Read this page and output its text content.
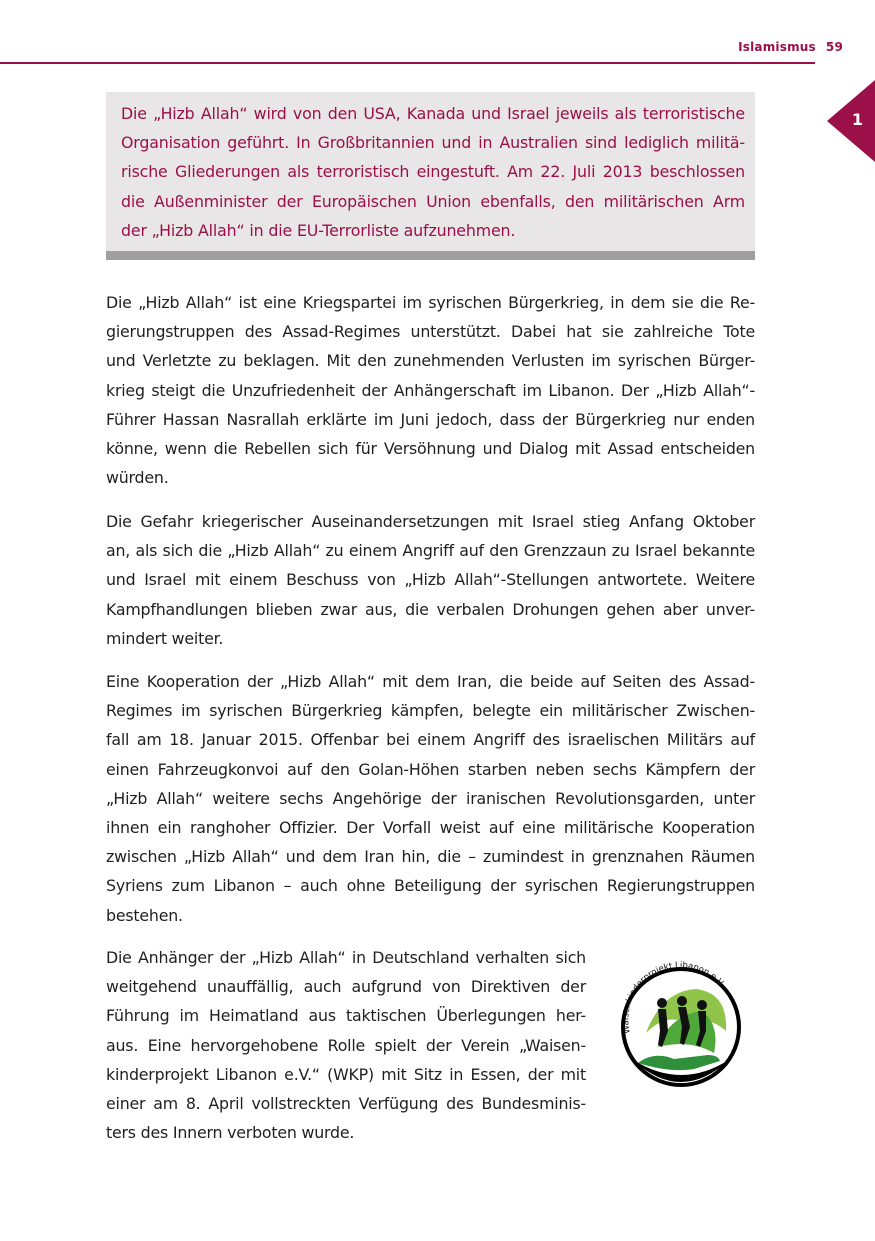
Islamismus 59
1
Die „Hizb Allah“ wird von den USA, Kanada und Israel jeweils als terroristische
Organisation geführt. In Großbritannien und in Australien sind lediglich militä-
rische Gliederungen als terroristisch eingestuft. Am 22. Juli 2013 beschlossen
die Außenminister der Europäischen Union ebenfalls, den militärischen Arm
der „Hizb Allah“ in die EU-Terrorliste aufzunehmen.
Die „Hizb Allah“ ist eine Kriegspartei im syrischen Bürgerkrieg, in dem sie die Re-
gierungstruppen des Assad-Regimes unterstützt. Dabei hat sie zahlreiche Tote
und Verletzte zu beklagen. Mit den zunehmenden Verlusten im syrischen Bürger-
krieg steigt die Unzufriedenheit der Anhängerschaft im Libanon. Der „Hizb Allah“-
Führer Hassan Nasrallah erklärte im Juni jedoch, dass der Bürgerkrieg nur enden
könne, wenn die Rebellen sich für Versöhnung und Dialog mit Assad entscheiden
würden.
Die Gefahr kriegerischer Auseinandersetzungen mit Israel stieg Anfang Oktober
an, als sich die „Hizb Allah“ zu einem Angriff auf den Grenzzaun zu Israel bekannte
und Israel mit einem Beschuss von „Hizb Allah“-Stellungen antwortete. Weitere
Kampfhandlungen blieben zwar aus, die verbalen Drohungen gehen aber unver-
mindert weiter.
Eine Kooperation der „Hizb Allah“ mit dem Iran, die beide auf Seiten des Assad-
Regimes im syrischen Bürgerkrieg kämpfen, belegte ein militärischer Zwischen-
fall am 18. Januar 2015. Offenbar bei einem Angriff des israelischen Militärs auf
einen Fahrzeugkonvoi auf den Golan-Höhen starben neben sechs Kämpfern der
„Hizb Allah“ weitere sechs Angehörige der iranischen Revolutionsgarden, unter
ihnen ein ranghoher Offizier. Der Vorfall weist auf eine militärische Kooperation
zwischen „Hizb Allah“ und dem Iran hin, die – zumindest in grenznahen Räumen
Syriens zum Libanon – auch ohne Beteiligung der syrischen Regierungstruppen
bestehen.
Die Anhänger der „Hizb Allah“ in Deutschland verhalten sich
weitgehend unauffällig, auch aufgrund von Direktiven der
Führung im Heimatland aus taktischen Überlegungen her-
aus. Eine hervorgehobene Rolle spielt der Verein „Waisen-
kinderprojekt Libanon e.V.“ (WKP) mit Sitz in Essen, der mit
einer am 8. April vollstreckten Verfügung des Bundesminis-
ters des Innern verboten wurde.
Waisenkinderprojekt Libanon e.V.
